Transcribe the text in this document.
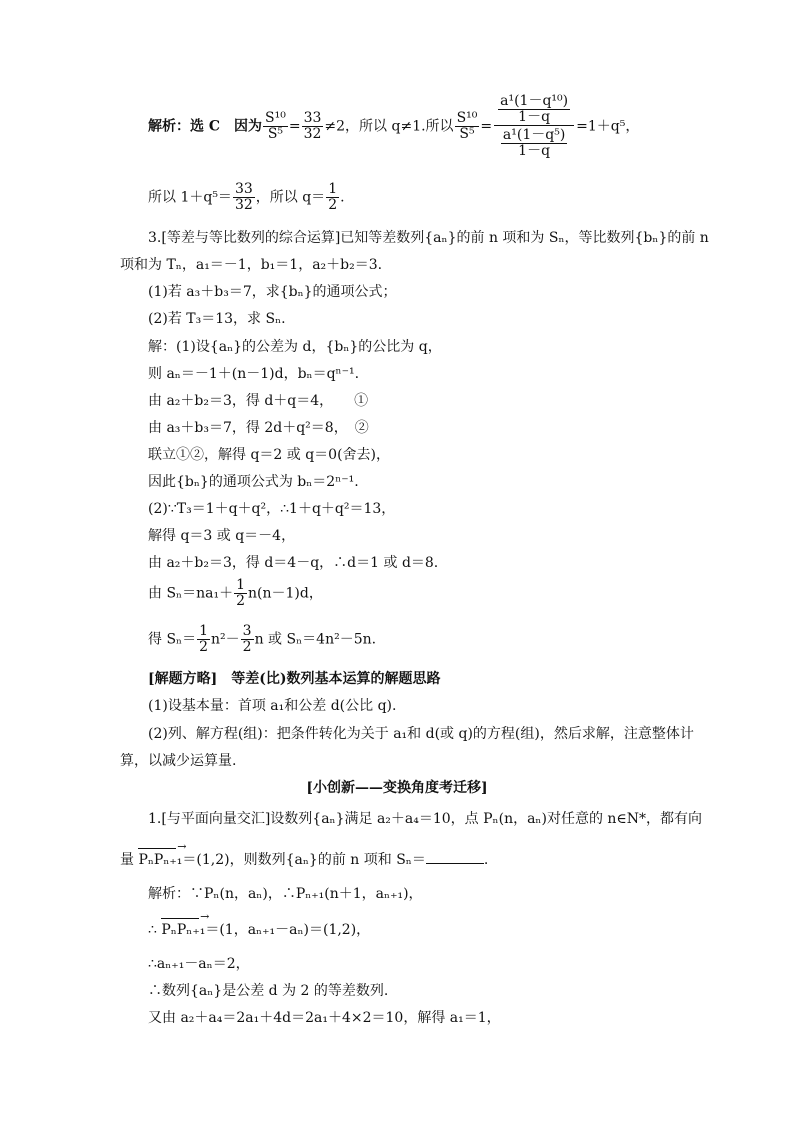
解析：选 C　因为 $\frac{\text{S¹⁰}}{\text{S⁵}} = \frac{33}{32} \ne 2$，所以 q≠1.所以 $\frac{\text{S¹⁰}}{\text{S⁵}} = \frac{\frac{\text{a¹(1－q¹⁰)}}{1-q}}{\frac{\text{a¹(1－q⁵)}}{1-q}} =1+q^5$，
所以 $1+q^5= \frac{33}{32}$ ，所以 $q= \frac{1}{2}$ .
3.[等差与等比数列的综合运算]已知等差数列{aₙ}的前 n 项和为 Sₙ，等比数列{bₙ}的前 n
项和为 Tₙ，a₁＝－1，b₁＝1，a₂＋b₂＝3.
(1)若 a₃＋b₃＝7，求{bₙ}的通项公式；
(2)若 T₃＝13，求 Sₙ.
解：(1)设{aₙ}的公差为 d，{bₙ}的公比为 q，
则 aₙ＝－1＋(n－1)d，bₙ＝qⁿ⁻¹.
由 a₂＋b₂＝3，得 d＋q＝4，　　①
由 a₃＋b₃＝7，得 2d＋q²＝8，　②
联立①②，解得 q＝2 或 q＝0(舍去)，
因此{bₙ}的通项公式为 bₙ＝2ⁿ⁻¹.
(2)∵T₃＝1＋q＋q²，∴1＋q＋q²＝13，
解得 q＝3 或 q＝－4，
由 a₂＋b₂＝3，得 d＝4－q，∴d＝1 或 d＝8.
由 $S_n=na_1+ \frac{1}{2} n(n-1)d$，
得 $S_n= \frac{1}{2} n^2- \frac{3}{2}$ n 或 Sₙ＝4n²－5n.
[解题方略]　等差(比)数列基本运算的解题思路
(1)设基本量：首项 a₁和公差 d(公比 q).
(2)列、解方程(组)：把条件转化为关于 a₁和 d(或 q)的方程(组)，然后求解，注意整体计
算，以减少运算量.
[小创新——变换角度考迁移]
1.[与平面向量交汇]设数列{aₙ}满足 a₂＋a₄＝10，点 Pₙ(n，aₙ)对任意的 n∈N*，都有向
量 PₙPₙ₊₁ →＝(1,2)，则数列{aₙ}的前 n 项和 Sₙ＝	.
解析：∵Pₙ(n，aₙ)，∴Pₙ₊₁(n＋1，aₙ₊₁)，
∴ PₙPₙ₊₁ →＝(1，aₙ₊₁－aₙ)＝(1,2)，
∴aₙ₊₁－aₙ＝2，
∴数列{aₙ}是公差 d 为 2 的等差数列.
又由 a₂＋a₄＝2a₁＋4d＝2a₁＋4×2＝10，解得 a₁＝1，
